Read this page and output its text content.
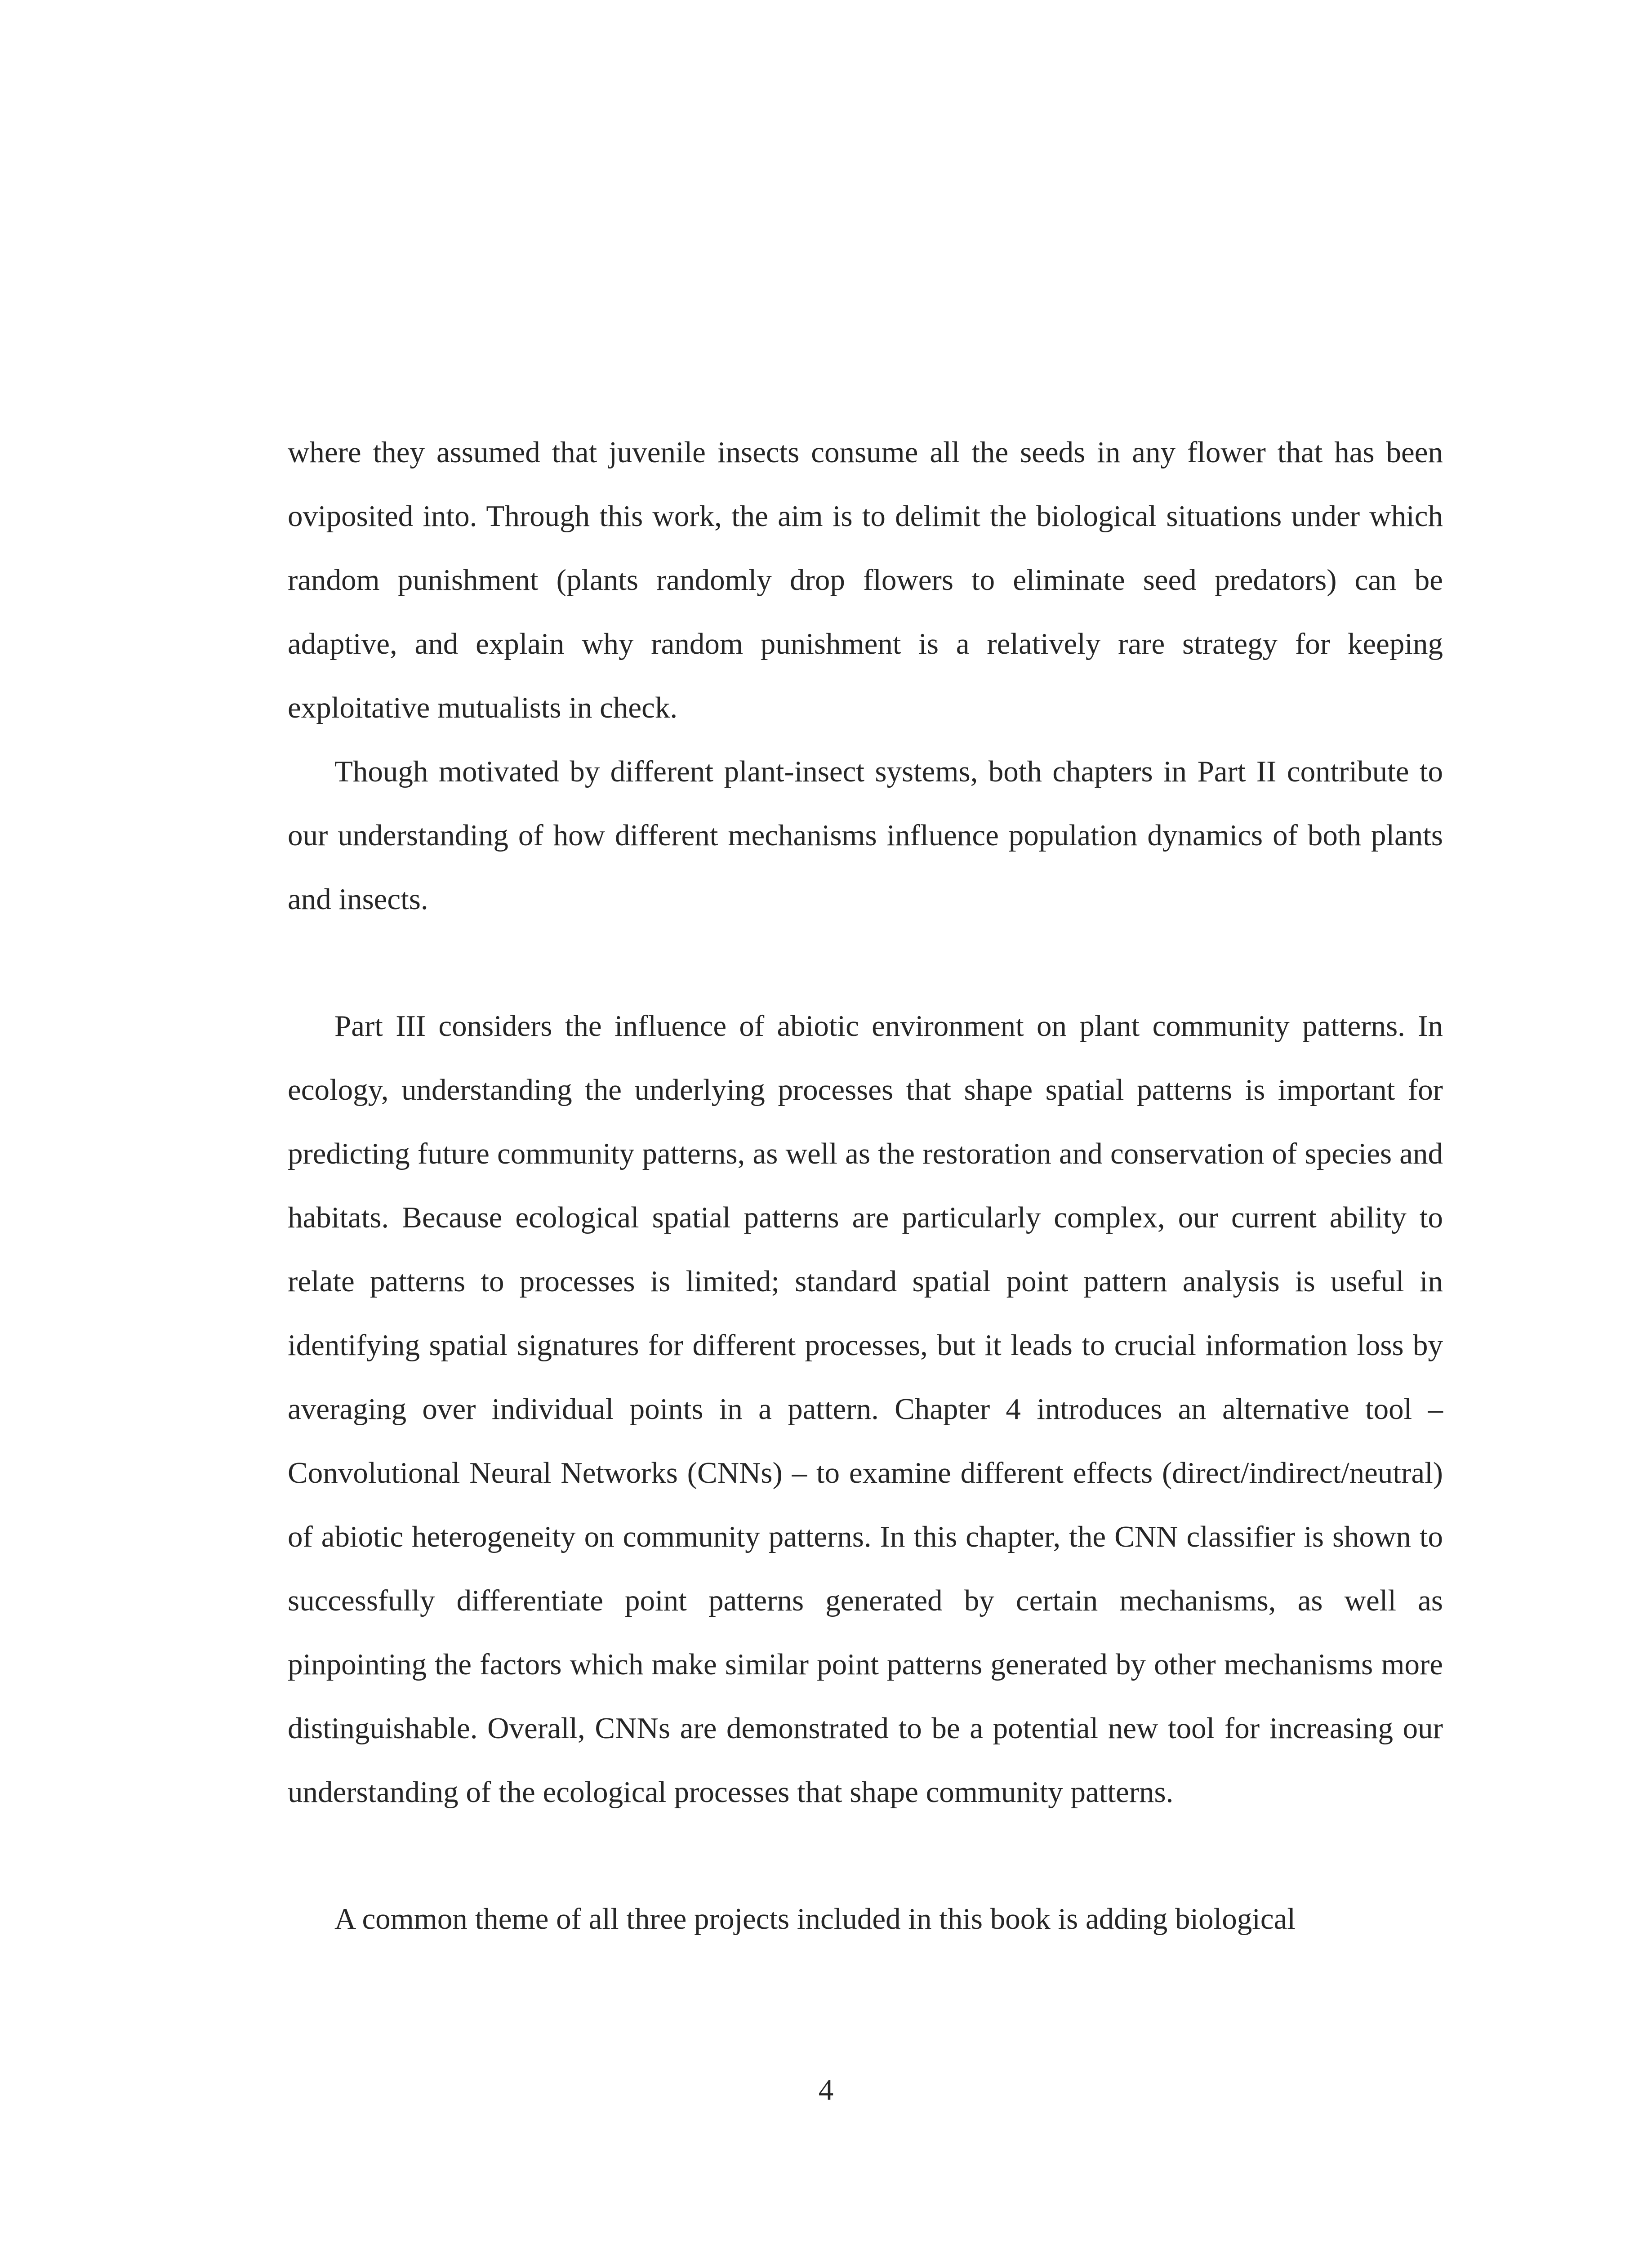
where they assumed that juvenile insects consume all the seeds in any flower that has been oviposited into. Through this work, the aim is to delimit the biological situations under which random punishment (plants randomly drop flowers to eliminate seed predators) can be adaptive, and explain why random punishment is a relatively rare strategy for keeping exploitative mutualists in check.

Though motivated by different plant-insect systems, both chapters in Part II contribute to our understanding of how different mechanisms influence population dynamics of both plants and insects.

Part III considers the influence of abiotic environment on plant community patterns. In ecology, understanding the underlying processes that shape spatial patterns is important for predicting future community patterns, as well as the restoration and conservation of species and habitats. Because ecological spatial patterns are particularly complex, our current ability to relate patterns to processes is limited; standard spatial point pattern analysis is useful in identifying spatial signatures for different processes, but it leads to crucial information loss by averaging over individual points in a pattern. Chapter 4 introduces an alternative tool – Convolutional Neural Networks (CNNs) – to examine different effects (direct/indirect/neutral) of abiotic heterogeneity on community patterns. In this chapter, the CNN classifier is shown to successfully differentiate point patterns generated by certain mechanisms, as well as pinpointing the factors which make similar point patterns generated by other mechanisms more distinguishable. Overall, CNNs are demonstrated to be a potential new tool for increasing our understanding of the ecological processes that shape community patterns.

A common theme of all three projects included in this book is adding biological

4
